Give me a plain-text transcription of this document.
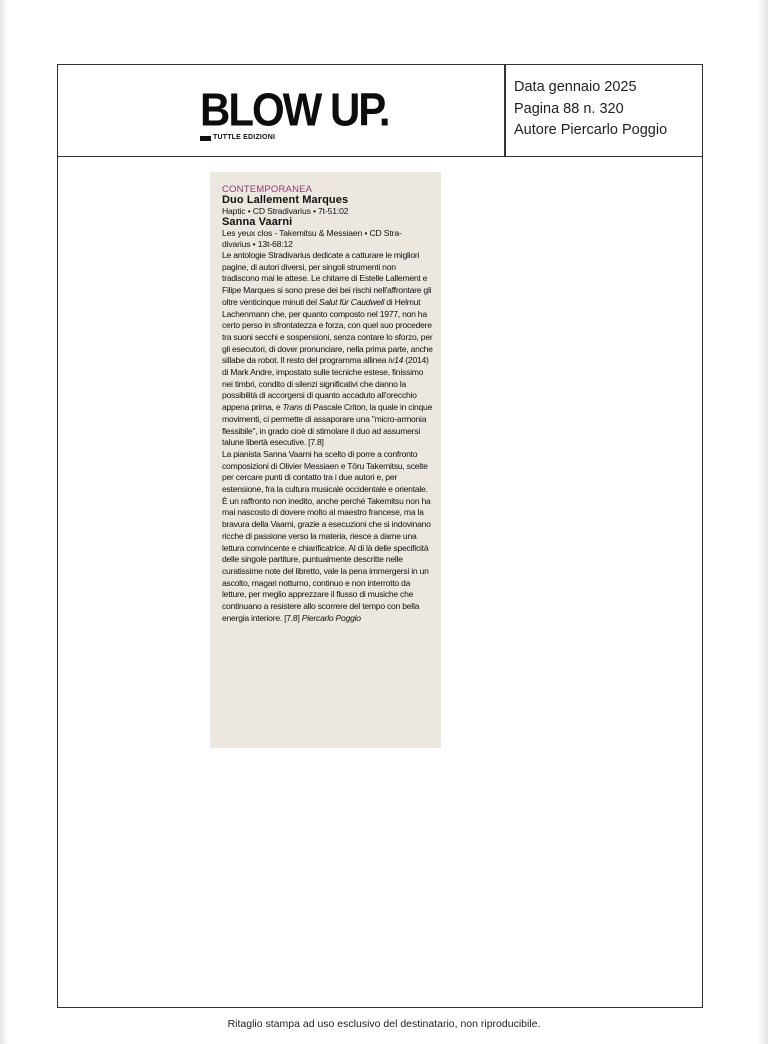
BLOW UP.
TUTTLE EDIZIONI
Data gennaio 2025
Pagina 88 n. 320
Autore Piercarlo Poggio
CONTEMPORANEA
Duo Lallement Marques
Haptic • CD Stradivarius • 7t-51:02
Sanna Vaarni
Les yeux clos - Takemitsu & Messiaen • CD Stra-
divarius • 13t-68:12

Le antologie Stradivarius dedicate a catturare le migliori pagine, di autori diversi, per singoli strumenti non tradiscono mai le attese. Le chitarre di Estelle Lallement e Filipe Marques si sono prese dei bei rischi nell'affrontare gli oltre venticinque minuti del Salut für Caudwell di Helmut Lachenmann che, per quanto composto nel 1977, non ha certo perso in sfrontatezza e forza, con quel suo procedere tra suoni secchi e sospensioni, senza contare lo sforzo, per gli esecutori, di dover pronunciare, nella prima parte, anche sillabe da robot. Il resto del programma allinea iv14 (2014) di Mark Andre, impostato sulle tecniche estese, finissimo nei timbri, condito di silenzi significativi che danno la possibilità di accorgersi di quanto accaduto all'orecchio appena prima, e Trans di Pascale Criton, la quale in cinque movimenti, ci permette di assaporare una "micro-armonia flessibile", in grado cioè di stimolare il duo ad assumersi talune libertà esecutive. [7.8]

La pianista Sanna Vaarni ha scelto di porre a confronto composizioni di Olivier Messiaen e Tōru Takemitsu, scelte per cercare punti di contatto tra i due autori e, per estensione, fra la cultura musicale occidentale e orientale. È un raffronto non inedito, anche perché Takemitsu non ha mai nascosto di dovere molto al maestro francese, ma la bravura della Vaarni, grazie a esecuzioni che si indovinano ricche di passione verso la materia, riesce a darne una lettura convincente e chiarificatrice. Al di là delle specificità delle singole partiture, puntualmente descritte nelle curatissime note del libretto, vale la pena immergersi in un ascolto, magari notturno, continuo e non interrotto da letture, per meglio apprezzare il flusso di musiche che continuano a resistere allo scorrere del tempo con bella energia interiore. [7.8] Piercarlo Poggio

Ritaglio stampa ad uso esclusivo del destinatario, non riproducibile.
